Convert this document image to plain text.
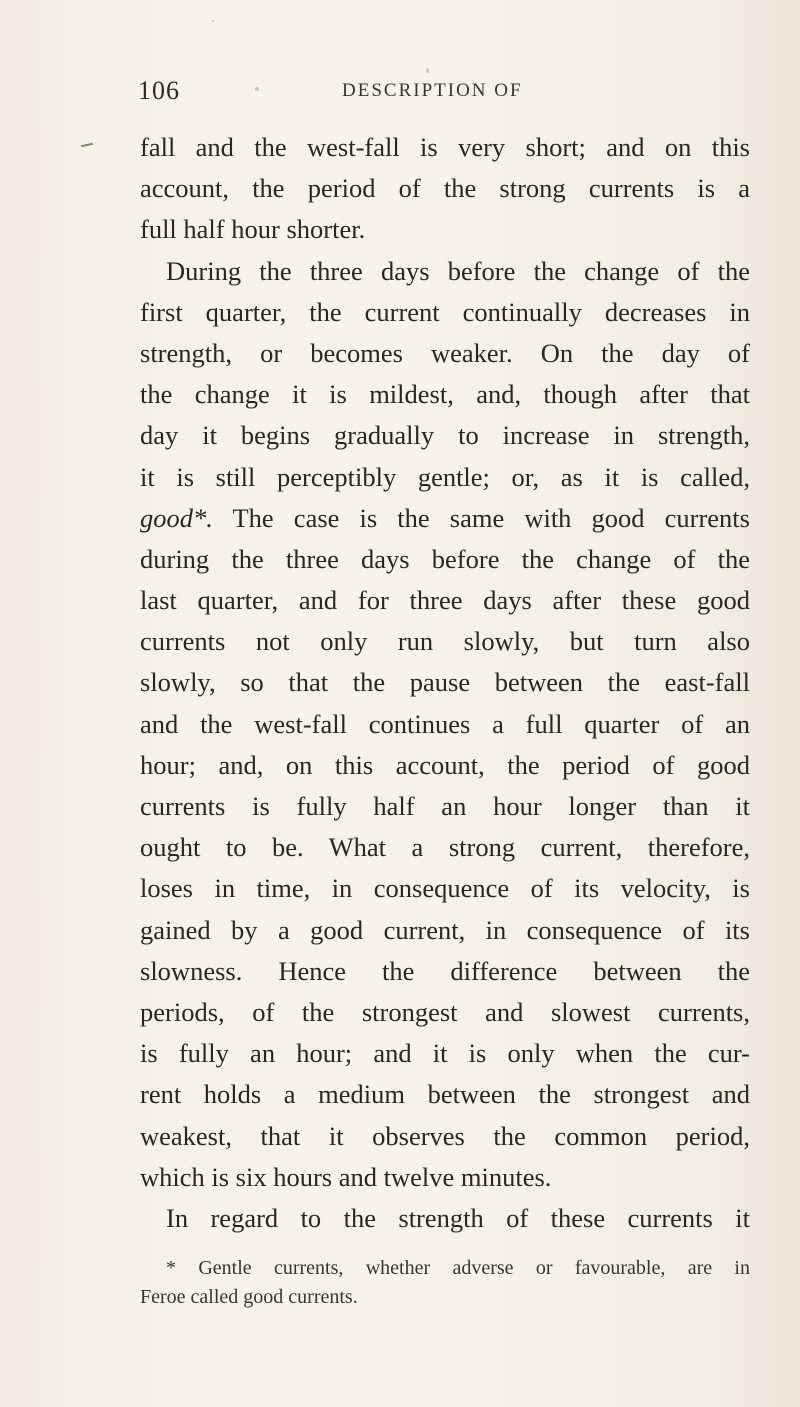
106	DESCRIPTION OF
fall and the west-fall is very short; and on this
account, the period of the strong currents is a
full half hour shorter.
During the three days before the change of the
first quarter, the current continually decreases in
strength, or becomes weaker. On the day of
the change it is mildest, and, though after that
day it begins gradually to increase in strength,
it is still perceptibly gentle; or, as it is called,
good*. The case is the same with good currents
during the three days before the change of the
last quarter, and for three days after these good
currents not only run slowly, but turn also
slowly, so that the pause between the east-fall
and the west-fall continues a full quarter of an
hour; and, on this account, the period of good
currents is fully half an hour longer than it
ought to be. What a strong current, therefore,
loses in time, in consequence of its velocity, is
gained by a good current, in consequence of its
slowness. Hence the difference between the
periods, of the strongest and slowest currents,
is fully an hour; and it is only when the cur-
rent holds a medium between the strongest and
weakest, that it observes the common period,
which is six hours and twelve minutes.
In regard to the strength of these currents it
* Gentle currents, whether adverse or favourable, are in
Feroe called good currents.
